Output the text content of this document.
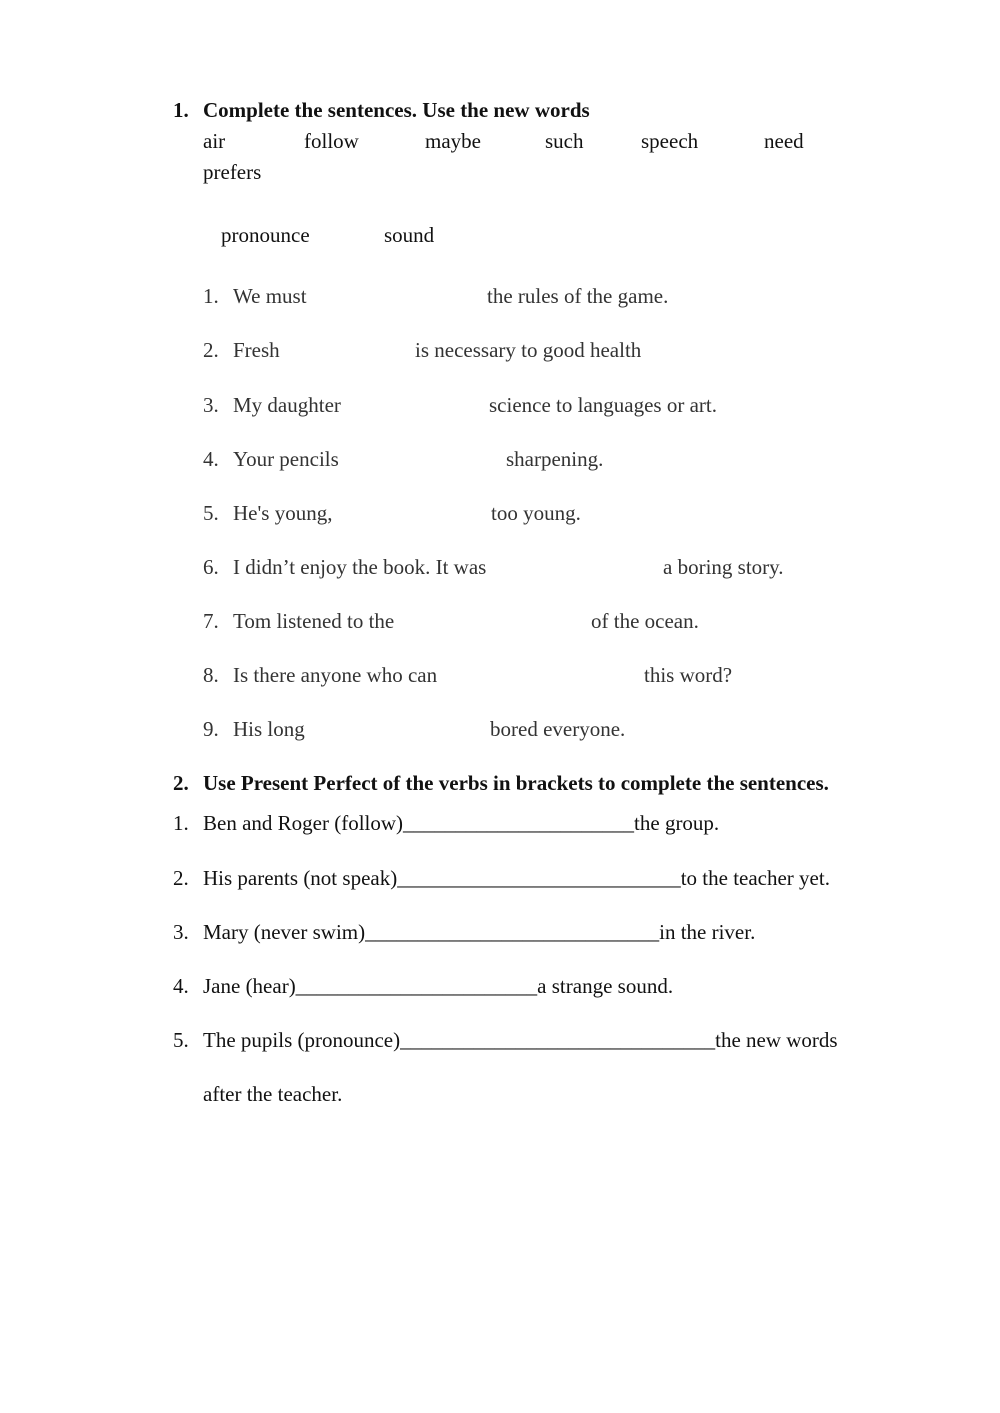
1. Complete the sentences. Use the new words
air	follow	maybe	such	speech	need
prefers
pronounce	sound
1. We must	the rules of the game.
2. Fresh	is necessary to good health
3. My daughter	science to languages or art.
4. Your pencils	sharpening.
5. He's young,	too young.
6. I didn’t enjoy the book. It was	a boring story.
7. Tom listened to the	of the ocean.
8. Is there anyone who can	this word?
9. His long	bored everyone.
2. Use Present Perfect of the verbs in brackets to complete the sentences.
1. Ben and Roger (follow)______________________the group.
2. His parents (not speak)___________________________to the teacher yet.
3. Mary (never swim)____________________________in the river.
4. Jane (hear)_______________________a strange sound.
5. The pupils (pronounce)______________________________the new words
after the teacher.
